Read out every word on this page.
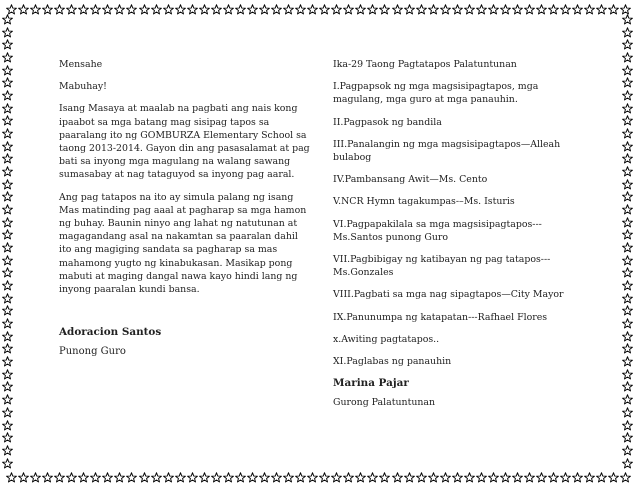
Mensahe

Mabuhay!

Isang Masaya at maalab na pagbati ang nais kong ipaabot sa mga batang mag sisipag tapos sa paaralang ito ng GOMBURZA Elementary School sa taong 2013-2014. Gayon din ang pasasalamat at pag bati sa inyong mga magulang na walang sawang sumasabay at nag tataguyod sa inyong pag aaral.

Ang pag tatapos na ito ay simula palang ng isang Mas matinding pag aaal at pagharap sa mga hamon ng buhay. Baunin ninyo ang lahat ng natutunan at magagandang asal na nakamtan sa paaralan dahil ito ang magiging sandata sa pagharap sa mas mahamong yugto ng kinabukasan. Masikap pong mabuti at maging dangal nawa kayo hindi lang ng inyong paaralan kundi bansa.

Adoracion Santos

Punong Guro

Ika-29 Taong Pagtatapos Palatuntunan

I.Pagpapsok ng mga magsisipagtapos, mga magulang, mga guro at mga panauhin.

II.Pagpasok ng bandila

III.Panalangin ng mga magsisipagtapos—Alleah bulabog

IV.Pambansang Awit—Ms. Cento

V.NCR Hymn tagakumpas-–Ms. Isturis

VI.Pagpapakilala sa mga magsisipagtapos---Ms.Santos punong Guro

VII.Pagbibigay ng katibayan ng pag tatapos---Ms.Gonzales

VIII.Pagbati sa mga nag sipagtapos—City Mayor

IX.Panunumpa ng katapatan---Rafhael Flores

x.Awiting pagtatapos..

XI.Paglabas ng panauhin

Marina Pajar

Gurong Palatuntunan
